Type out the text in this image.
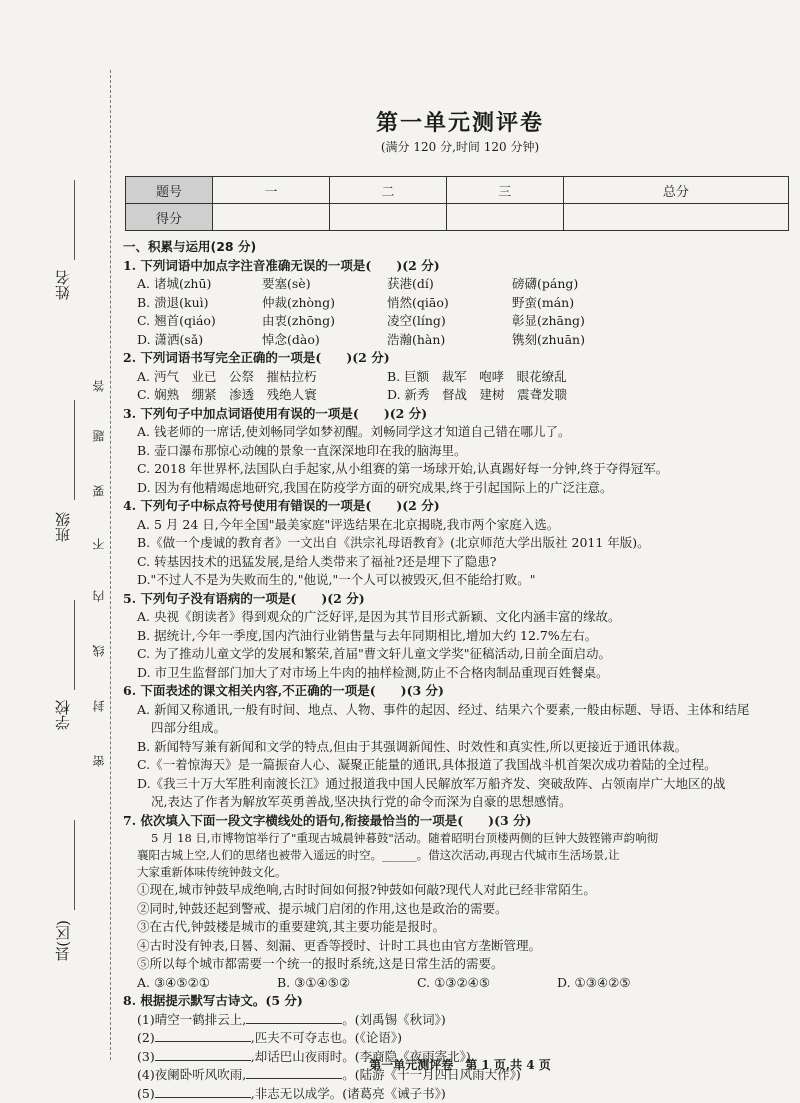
姓名
班级
学校
县(区)
答
题
要
不
内
线
封
密
第一单元测评卷
(满分 120 分,时间 120 分钟)
题号	一	二	三	总分
得分				
一、积累与运用(28 分)
1. 下列词语中加点字注音准确无误的一项是(　　)(2 分)
A. 诸城(zhū)	要塞(sè)	获港(dí)	磅礴(páng)
B. 溃退(kuì)	仲裁(zhòng)	悄然(qiāo)	野蛮(mán)
C. 翘首(qiáo)	由衷(zhōng)	凌空(líng)	彰显(zhāng)
D. 潇洒(sǎ)	悼念(dào)	浩瀚(hàn)	镌刻(zhuān)
2. 下列词语书写完全正确的一项是(　　)(2 分)
A. 沔气　业已　公祭　摧枯拉朽	B. 巨额　裁军　咆哮　眼花缭乱
C. 娴熟　绷紧　渗透　残绝人寰	D. 新秀　督战　建树　震聋发聩
3. 下列句子中加点词语使用有误的一项是(　　)(2 分)
A. 钱老师的一席话,使刘畅同学如梦初醒。刘畅同学这才知道自己错在哪儿了。
B. 壶口瀑布那惊心动魄的景象一直深深地印在我的脑海里。
C. 2018 年世界杯,法国队白手起家,从小组赛的第一场球开始,认真踢好每一分钟,终于夺得冠军。
D. 因为有他精竭虑地研究,我国在防疫学方面的研究成果,终于引起国际上的广泛注意。
4. 下列句子中标点符号使用有错误的一项是(　　)(2 分)
A. 5 月 24 日,今年全国"最美家庭"评选结果在北京揭晓,我市两个家庭入选。
B.《做一个虔诚的教育者》一文出自《洪宗礼母语教育》(北京师范大学出版社 2011 年版)。
C. 转基因技术的迅猛发展,是给人类带来了福祉?还是埋下了隐患?
D."不过人不是为失败而生的,"他说,"一个人可以被毁灭,但不能给打败。"
5. 下列句子没有语病的一项是(　　)(2 分)
A. 央视《朗读者》得到观众的广泛好评,是因为其节目形式新颖、文化内涵丰富的缘故。
B. 据统计,今年一季度,国内汽油行业销售量与去年同期相比,增加大约 12.7%左右。
C. 为了推动儿童文学的发展和繁荣,首届"曹文轩儿童文学奖"征稿活动,日前全面启动。
D. 市卫生监督部门加大了对市场上牛肉的抽样检测,防止不合格肉制品重现百姓餐桌。
6. 下面表述的课文相关内容,不正确的一项是(　　)(3 分)
A. 新闻又称通讯,一般有时间、地点、人物、事件的起因、经过、结果六个要素,一般由标题、导语、主体和结尾
四部分组成。
B. 新闻特写兼有新闻和文学的特点,但由于其强调新闻性、时效性和真实性,所以更接近于通讯体裁。
C.《一着惊海天》是一篇振奋人心、凝聚正能量的通讯,具体报道了我国战斗机首架次成功着陆的全过程。
D.《我三十万大军胜利南渡长江》通过报道我中国人民解放军万船齐发、突破敌阵、占领南岸广大地区的战
况,表达了作者为解放军英勇善战,坚决执行党的命令而深为自豪的思想感情。
7. 依次填入下面一段文字横线处的语句,衔接最恰当的一项是(　　)(3 分)
5 月 18 日,市博物馆举行了"重现古城晨钟暮鼓"活动。随着昭明台顶楼两侧的巨钟大鼓铿锵声韵响彻
襄阳古城上空,人们的思绪也被带入遥远的时空。______。借这次活动,再现古代城市生活场景,让
大家重新体味传统钟鼓文化。
①现在,城市钟鼓早成绝响,古时时间如何报?钟鼓如何敲?现代人对此已经非常陌生。
②同时,钟鼓还起到警戒、提示城门启闭的作用,这也是政治的需要。
③在古代,钟鼓楼是城市的重要建筑,其主要功能是报时。
④古时没有钟表,日晷、刻漏、更香等授时、计时工具也由官方垄断管理。
⑤所以每个城市都需要一个统一的报时系统,这是日常生活的需要。
A. ③④⑤②①	B. ③①④⑤②	C. ①③②④⑤	D. ①③④②⑤
8. 根据提示默写古诗文。(5 分)
(1)晴空一鹤排云上,	。(刘禹锡《秋词》)
(2)	,匹夫不可夺志也。(《论语》)
(3)	,却话巴山夜雨时。(李商隐《夜雨寄北》)
(4)夜阑卧听风吹雨,	。(陆游《十一月四日风雨大作》)
(5)	,非志无以成学。(诸葛亮《诫子书》)
第一单元测评卷　第 1 页,共 4 页
